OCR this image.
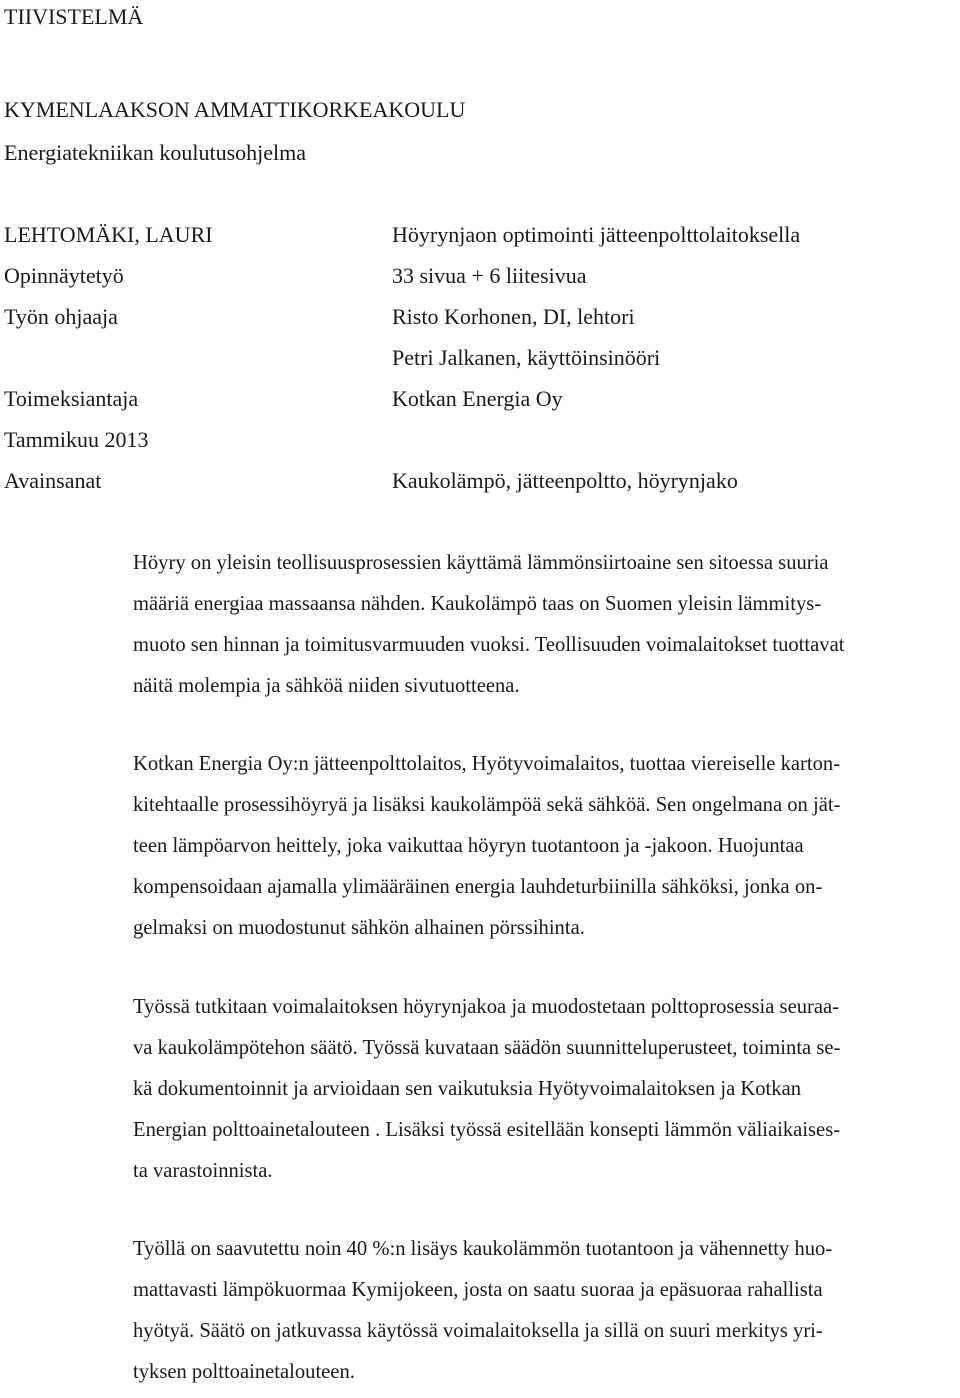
TIIVISTELMÄ
KYMENLAAKSON AMMATTIKORKEAKOULU
Energiatekniikan koulutusohjelma
LEHTOMÄKI, LAURI	Höyrynjaon optimointi jätteenpolttolaitoksella
Opinnäytetyö	33 sivua + 6 liitesivua
Työn ohjaaja	Risto Korhonen, DI, lehtori
Petri Jalkanen, käyttöinsinööri
Toimeksiantaja	Kotkan Energia Oy
Tammikuu 2013
Avainsanat	Kaukolämpö, jätteenpoltto, höyrynjako
Höyry on yleisin teollisuusprosessien käyttämä lämmönsiirtoaine sen sitoessa suuria
määriä energiaa massaansa nähden. Kaukolämpö taas on Suomen yleisin lämmitys-
muoto sen hinnan ja toimitusvarmuuden vuoksi. Teollisuuden voimalaitokset tuottavat
näitä molempia ja sähköä niiden sivutuotteena.
Kotkan Energia Oy:n jätteenpolttolaitos, Hyötyvoimalaitos, tuottaa viereiselle karton-
kitehtaalle prosessihöyryä ja lisäksi kaukolämpöä sekä sähköä. Sen ongelmana on jät-
teen lämpöarvon heittely, joka vaikuttaa höyryn tuotantoon ja -jakoon. Huojuntaa
kompensoidaan ajamalla ylimääräinen energia lauhdeturbiinilla sähköksi, jonka on-
gelmaksi on muodostunut sähkön alhainen pörssihinta.
Työssä tutkitaan voimalaitoksen höyrynjakoa ja muodostetaan polttoprosessia seuraa-
va kaukolämpötehon säätö. Työssä kuvataan säädön suunnitteluperusteet, toiminta se-
kä dokumentoinnit ja arvioidaan sen vaikutuksia Hyötyvoimalaitoksen ja Kotkan
Energian polttoainetalouteen . Lisäksi työssä esitellään konsepti lämmön väliaikaises-
ta varastoinnista.
Työllä on saavutettu noin 40 %:n lisäys kaukolämmön tuotantoon ja vähennetty huo-
mattavasti lämpökuormaa Kymijokeen, josta on saatu suoraa ja epäsuoraa rahallista
hyötyä. Säätö on jatkuvassa käytössä voimalaitoksella ja sillä on suuri merkitys yri-
tyksen polttoainetalouteen.
